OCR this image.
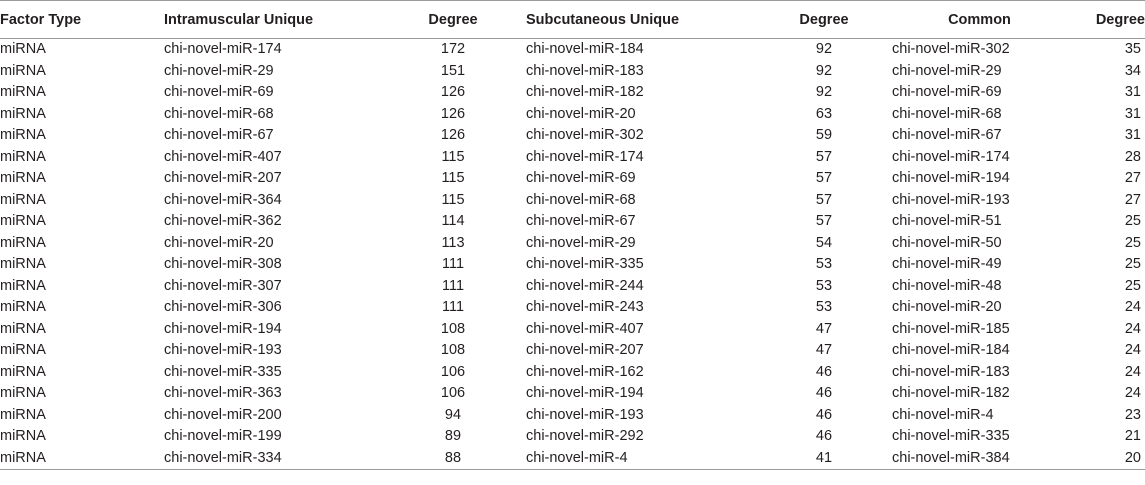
Factor Type	Intramuscular Unique	Degree	Subcutaneous Unique	Degree	Common	Degree
miRNA	chi-novel-miR-174	172	chi-novel-miR-184	92	chi-novel-miR-302	35
miRNA	chi-novel-miR-29	151	chi-novel-miR-183	92	chi-novel-miR-29	34
miRNA	chi-novel-miR-69	126	chi-novel-miR-182	92	chi-novel-miR-69	31
miRNA	chi-novel-miR-68	126	chi-novel-miR-20	63	chi-novel-miR-68	31
miRNA	chi-novel-miR-67	126	chi-novel-miR-302	59	chi-novel-miR-67	31
miRNA	chi-novel-miR-407	115	chi-novel-miR-174	57	chi-novel-miR-174	28
miRNA	chi-novel-miR-207	115	chi-novel-miR-69	57	chi-novel-miR-194	27
miRNA	chi-novel-miR-364	115	chi-novel-miR-68	57	chi-novel-miR-193	27
miRNA	chi-novel-miR-362	114	chi-novel-miR-67	57	chi-novel-miR-51	25
miRNA	chi-novel-miR-20	113	chi-novel-miR-29	54	chi-novel-miR-50	25
miRNA	chi-novel-miR-308	111	chi-novel-miR-335	53	chi-novel-miR-49	25
miRNA	chi-novel-miR-307	111	chi-novel-miR-244	53	chi-novel-miR-48	25
miRNA	chi-novel-miR-306	111	chi-novel-miR-243	53	chi-novel-miR-20	24
miRNA	chi-novel-miR-194	108	chi-novel-miR-407	47	chi-novel-miR-185	24
miRNA	chi-novel-miR-193	108	chi-novel-miR-207	47	chi-novel-miR-184	24
miRNA	chi-novel-miR-335	106	chi-novel-miR-162	46	chi-novel-miR-183	24
miRNA	chi-novel-miR-363	106	chi-novel-miR-194	46	chi-novel-miR-182	24
miRNA	chi-novel-miR-200	94	chi-novel-miR-193	46	chi-novel-miR-4	23
miRNA	chi-novel-miR-199	89	chi-novel-miR-292	46	chi-novel-miR-335	21
miRNA	chi-novel-miR-334	88	chi-novel-miR-4	41	chi-novel-miR-384	20
